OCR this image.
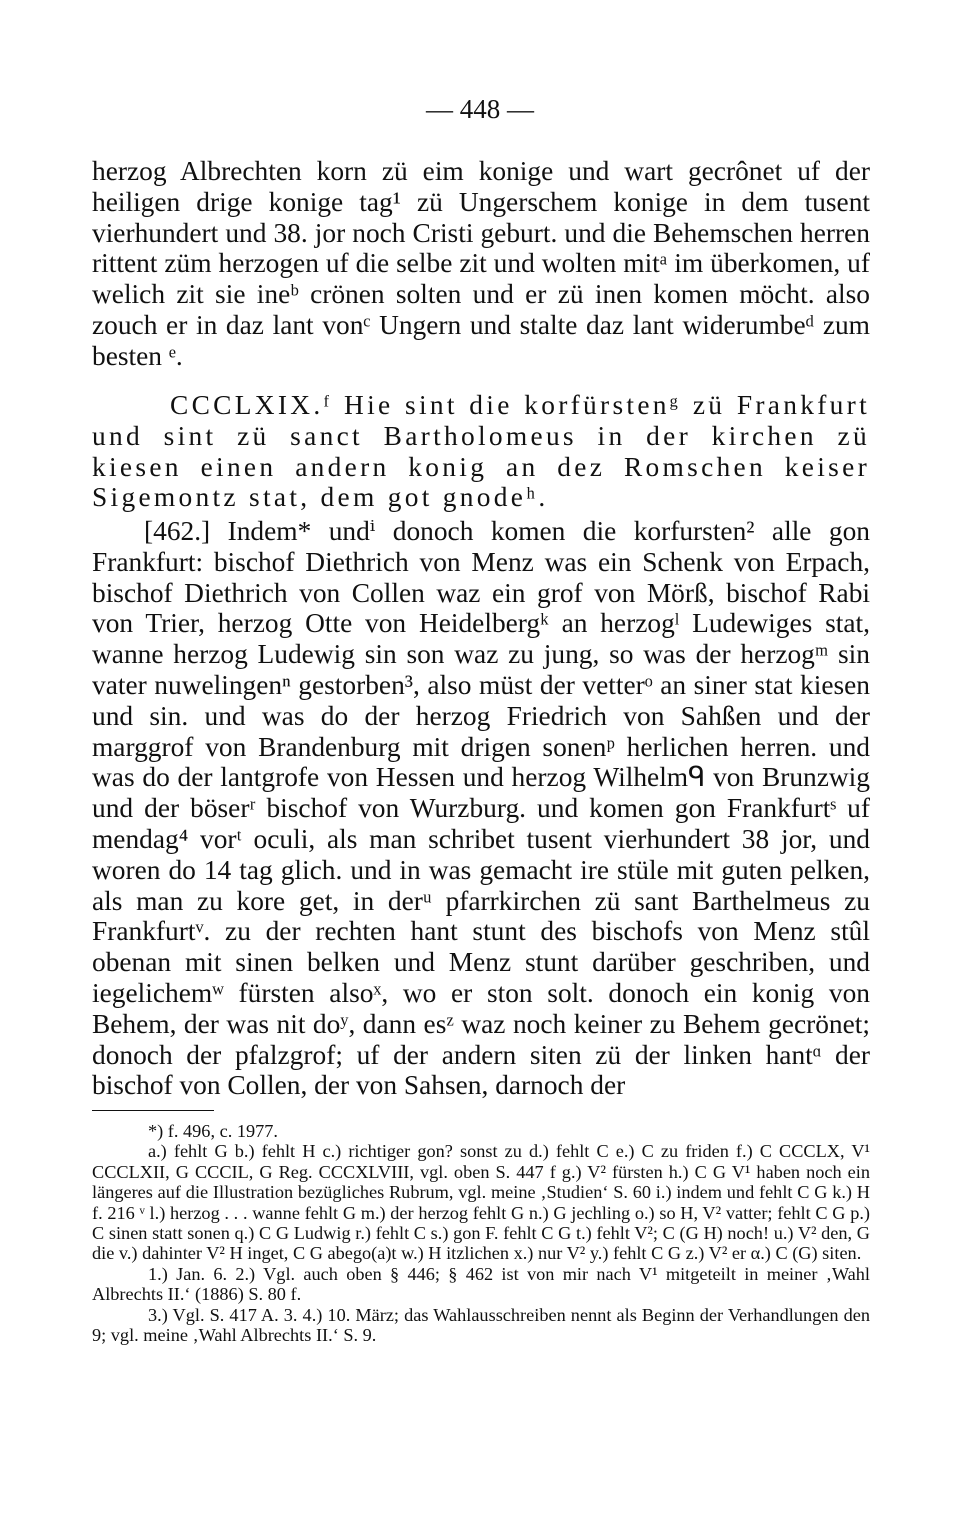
— 448 —

herzog Albrechten korn zü eim konige und wart gecrônet uf der heiligen drige konige tag¹ zü Ungerschem konige in dem tusent vierhundert und 38. jor noch Cristi geburt. und die Behemschen herren rittent züm herzogen uf die selbe zit und wolten mitᵃ im überkomen, uf welich zit sie ineᵇ crönen solten und er zü inen komen möcht. also zouch er in daz lant vonᶜ Ungern und stalte daz lant widerumbeᵈ zum besten ᵉ.

CCCLXIX.ᶠ Hie sint die korfürstenᵍ zü Frankfurt und sint zü sanct Bartholomeus in der kirchen zü kiesen einen andern konig an dez Romschen keiser Sigemontz stat, dem got gnodeʰ.

[462.] Indem* undⁱ donoch komen die korfursten² alle gon Frankfurt: bischof Diethrich von Menz was ein Schenk von Erpach, bischof Diethrich von Collen waz ein grof von Mörß, bischof Rabi von Trier, herzog Otte von Heidelbergᵏ an herzogˡ Ludewiges stat, wanne herzog Ludewig sin son waz zu jung, so was der herzogᵐ sin vater nuwelingenⁿ gestorben³, also müst der vetterᵒ an siner stat kiesen und sin. und was do der herzog Friedrich von Sahßen und der marggrof von Brandenburg mit drigen sonenᵖ herlichen herren. und was do der lantgrofe von Hessen und herzog Wilhelmᑫ von Brunzwig und der böserʳ bischof von Wurzburg. und komen gon Frankfurtˢ uf mendag⁴ vorᵗ oculi, als man schribet tusent vierhundert 38 jor, und woren do 14 tag glich. und in was gemacht ire stüle mit guten pelken, als man zu kore get, in derᵘ pfarrkirchen zü sant Barthelmeus zu Frankfurtᵛ. zu der rechten hant stunt des bischofs von Menz stûl obenan mit sinen belken und Menz stunt darüber geschriben, und iegelichemʷ fürsten alsoˣ, wo er ston solt. donoch ein konig von Behem, der was nit doʸ, dann esᶻ waz noch keiner zu Behem gecrönet; donoch der pfalzgrof; uf der andern siten zü der linken hantᵅ der bischof von Collen, der von Sahsen, darnoch der

*) f. 496, c. 1977.

a.) fehlt G b.) fehlt H c.) richtiger gon? sonst zu d.) fehlt C e.) C zu friden f.) C CCCLX, V¹ CCCLXII, G CCCIL, G Reg. CCCXLVIII, vgl. oben S. 447 f g.) V² fürsten h.) C G V¹ haben noch ein längeres auf die Illustration bezügliches Rubrum, vgl. meine ‚Studien‘ S. 60 i.) indem und fehlt C G k.) H f. 216 ᵛ l.) herzog . . . wanne fehlt G m.) der herzog fehlt G n.) G jechling o.) so H, V² vatter; fehlt C G p.) C sinen statt sonen q.) C G Ludwig r.) fehlt C s.) gon F. fehlt C G t.) fehlt V²; C (G H) noch! u.) V² den, G die v.) dahinter V² H inget, C G abego(a)t w.) H itzlichen x.) nur V² y.) fehlt C G z.) V² er α.) C (G) siten.

1.) Jan. 6. 2.) Vgl. auch oben § 446; § 462 ist von mir nach V¹ mitgeteilt in meiner ‚Wahl Albrechts II.‘ (1886) S. 80 f.

3.) Vgl. S. 417 A. 3. 4.) 10. März; das Wahlausschreiben nennt als Beginn der Verhandlungen den 9; vgl. meine ‚Wahl Albrechts II.‘ S. 9.
